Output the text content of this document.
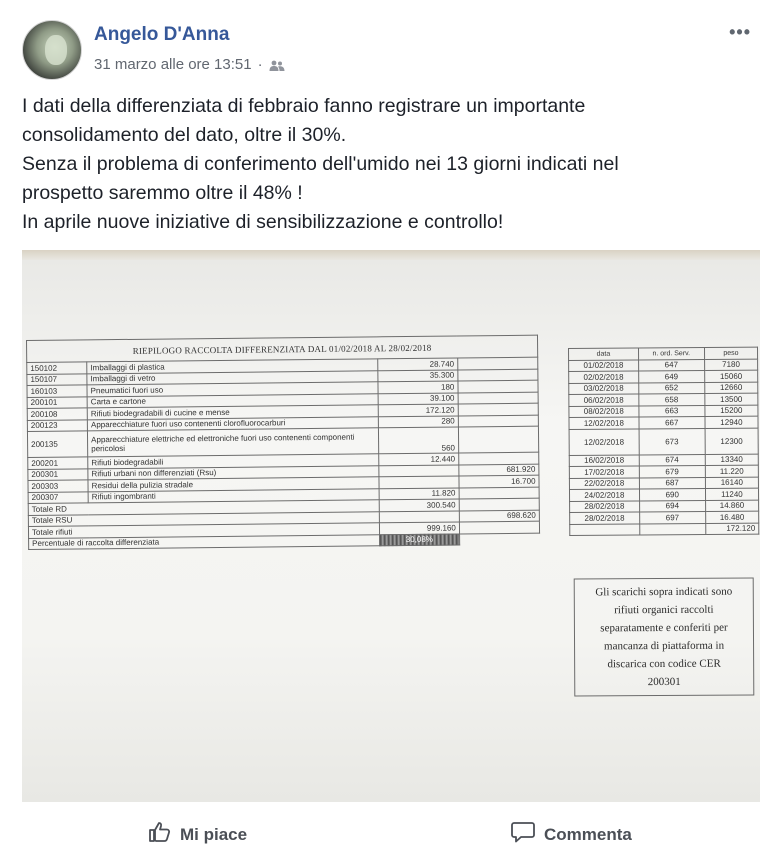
Angelo D'Anna
31 marzo alle ore 13:51 ·
•••

I dati della differenziata di febbraio fanno registrare un importante

consolidamento del dato, oltre il 30%.

Senza il problema di conferimento dell'umido nei 13 giorni indicati nel

prospetto saremmo oltre il 48% !

In aprile nuove iniziative di sensibilizzazione e controllo!

RIEPILOGO RACCOLTA DIFFERENZIATA DAL 01/02/2018 AL 28/02/2018			
150102	Imballaggi di plastica	28.740	
150107	Imballaggi di vetro	35.300	
160103	Pneumatici fuori uso	180	
200101	Carta e cartone	39.100	
200108	Rifiuti biodegradabili di cucine e mense	172.120	
200123	Apparecchiature fuori uso contenenti clorofluorocarburi	280	
200135	Apparecchiature elettriche ed elettroniche fuori uso contenenti componenti pericolosi	560	
200201	Rifiuti biodegradabili	12.440	
200301	Rifiuti urbani non differenziati (Rsu)		681.920
200303	Residui della pulizia stradale		16.700
200307	Rifiuti ingombranti	11.820	
Totale RD		300.540	
Totale RSU			698.620
Totale rifiuti		999.160	
Percentuale di raccolta differenziata		30,08%	
data	n. ord. Serv.	peso
01/02/2018	647	7180
02/02/2018	649	15060
03/02/2018	652	12660
06/02/2018	658	13500
08/02/2018	663	15200
12/02/2018	667	12940
12/02/2018	673	12300
16/02/2018	674	13340
17/02/2018	679	11.220
22/02/2018	687	16140
24/02/2018	690	11240
28/02/2018	694	14.860
28/02/2018	697	16.480
		172.120
Gli scarichi sopra indicati sono
rifiuti organici raccolti
separatamente e conferiti per
mancanza di piattaforma in
discarica con codice CER
200301
Mi piace	Commenta
